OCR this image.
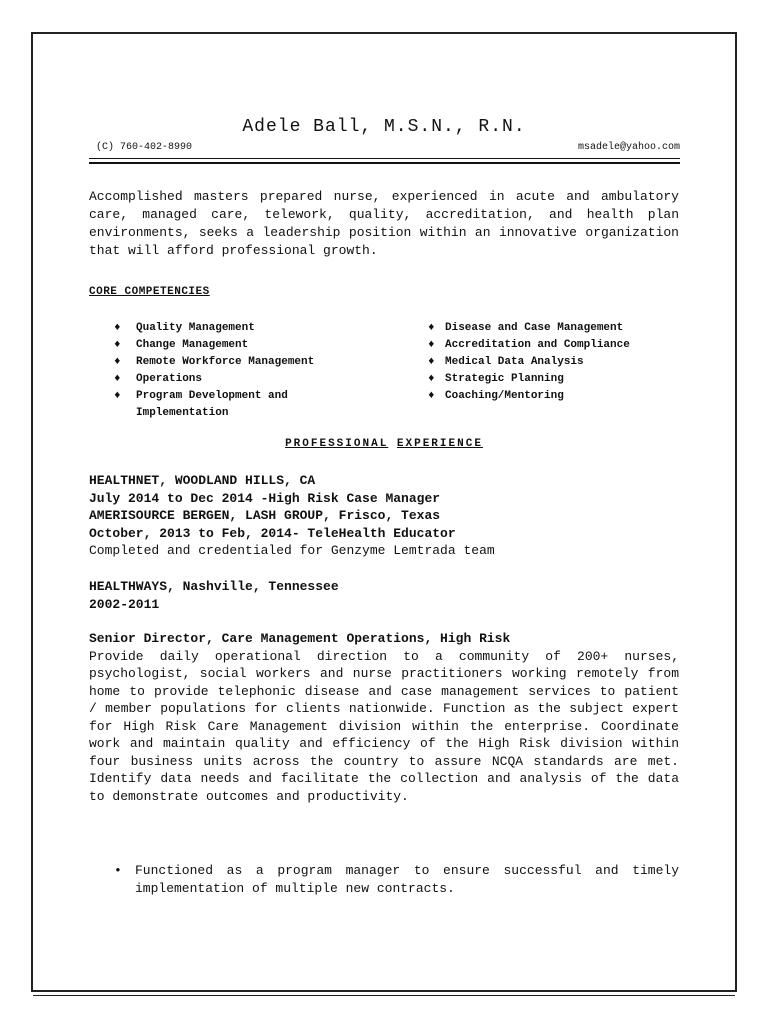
Adele Ball, M.S.N., R.N.
(C) 760-402-8990	msadele@yahoo.com
Accomplished masters prepared nurse, experienced in acute and ambulatory care, managed care, telework, quality, accreditation, and health plan environments, seeks a leadership position within an innovative organization that will afford professional growth.
CORE COMPETENCIES
♦ Quality Management
♦ Change Management
♦ Remote Workforce Management
♦ Operations
♦ Program Development and Implementation
♦ Disease and Case Management
♦ Accreditation and Compliance
♦ Medical Data Analysis
♦ Strategic Planning
♦ Coaching/Mentoring
PROFESSIONAL EXPERIENCE
HEALTHNET, WOODLAND HILLS, CA
July 2014 to Dec 2014 -High Risk Case Manager
AMERISOURCE BERGEN, LASH GROUP, Frisco, Texas
October, 2013 to Feb, 2014- TeleHealth Educator
Completed and credentialed for Genzyme Lemtrada team
HEALTHWAYS, Nashville, Tennessee
2002-2011
Senior Director, Care Management Operations, High Risk
Provide daily operational direction to a community of 200+ nurses, psychologist, social workers and nurse practitioners working remotely from home to provide telephonic disease and case management services to patient / member populations for clients nationwide. Function as the subject expert for High Risk Care Management division within the enterprise. Coordinate work and maintain quality and efficiency of the High Risk division within four business units across the country to assure NCQA standards are met. Identify data needs and facilitate the collection and analysis of the data to demonstrate outcomes and productivity.
• Functioned as a program manager to ensure successful and timely implementation of multiple new contracts.
